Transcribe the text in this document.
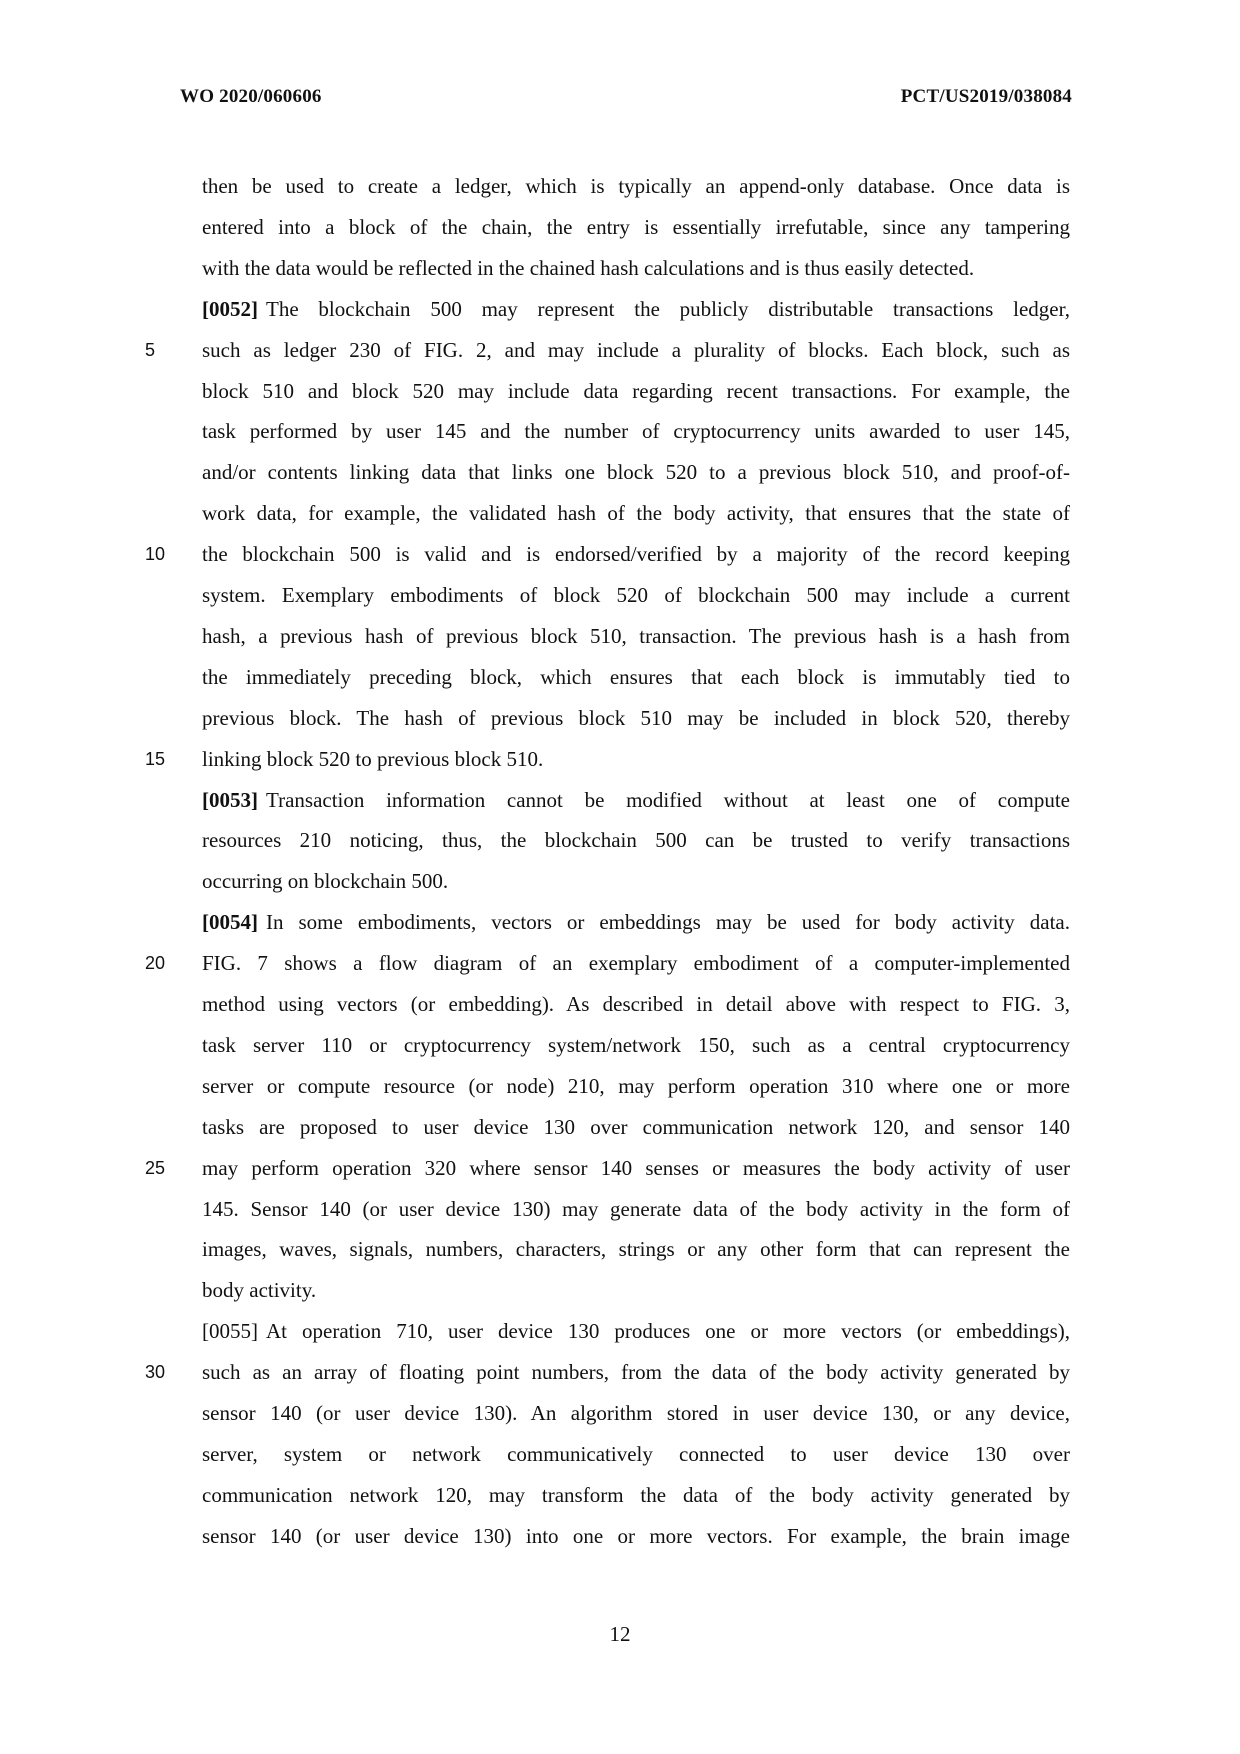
WO 2020/060606	PCT/US2019/038084
then be used to create a ledger, which is typically an append-only database. Once data is
entered into a block of the chain, the entry is essentially irrefutable, since any tampering
with the data would be reflected in the chained hash calculations and is thus easily detected.
[0052] The blockchain 500 may represent the publicly distributable transactions ledger,
such as ledger 230 of FIG. 2, and may include a plurality of blocks. Each block, such as
block 510 and block 520 may include data regarding recent transactions. For example, the
task performed by user 145 and the number of cryptocurrency units awarded to user 145,
and/or contents linking data that links one block 520 to a previous block 510, and proof-of-
work data, for example, the validated hash of the body activity, that ensures that the state of
the blockchain 500 is valid and is endorsed/verified by a majority of the record keeping
system. Exemplary embodiments of block 520 of blockchain 500 may include a current
hash, a previous hash of previous block 510, transaction. The previous hash is a hash from
the immediately preceding block, which ensures that each block is immutably tied to
previous block. The hash of previous block 510 may be included in block 520, thereby
linking block 520 to previous block 510.
[0053] Transaction information cannot be modified without at least one of compute
resources 210 noticing, thus, the blockchain 500 can be trusted to verify transactions
occurring on blockchain 500.
[0054] In some embodiments, vectors or embeddings may be used for body activity data.
FIG. 7 shows a flow diagram of an exemplary embodiment of a computer-implemented
method using vectors (or embedding). As described in detail above with respect to FIG. 3,
task server 110 or cryptocurrency system/network 150, such as a central cryptocurrency
server or compute resource (or node) 210, may perform operation 310 where one or more
tasks are proposed to user device 130 over communication network 120, and sensor 140
may perform operation 320 where sensor 140 senses or measures the body activity of user
145. Sensor 140 (or user device 130) may generate data of the body activity in the form of
images, waves, signals, numbers, characters, strings or any other form that can represent the
body activity.
[0055] At operation 710, user device 130 produces one or more vectors (or embeddings),
such as an array of floating point numbers, from the data of the body activity generated by
sensor 140 (or user device 130). An algorithm stored in user device 130, or any device,
server, system or network communicatively connected to user device 130 over
communication network 120, may transform the data of the body activity generated by
sensor 140 (or user device 130) into one or more vectors. For example, the brain image
5
10
15
20
25
30
12
